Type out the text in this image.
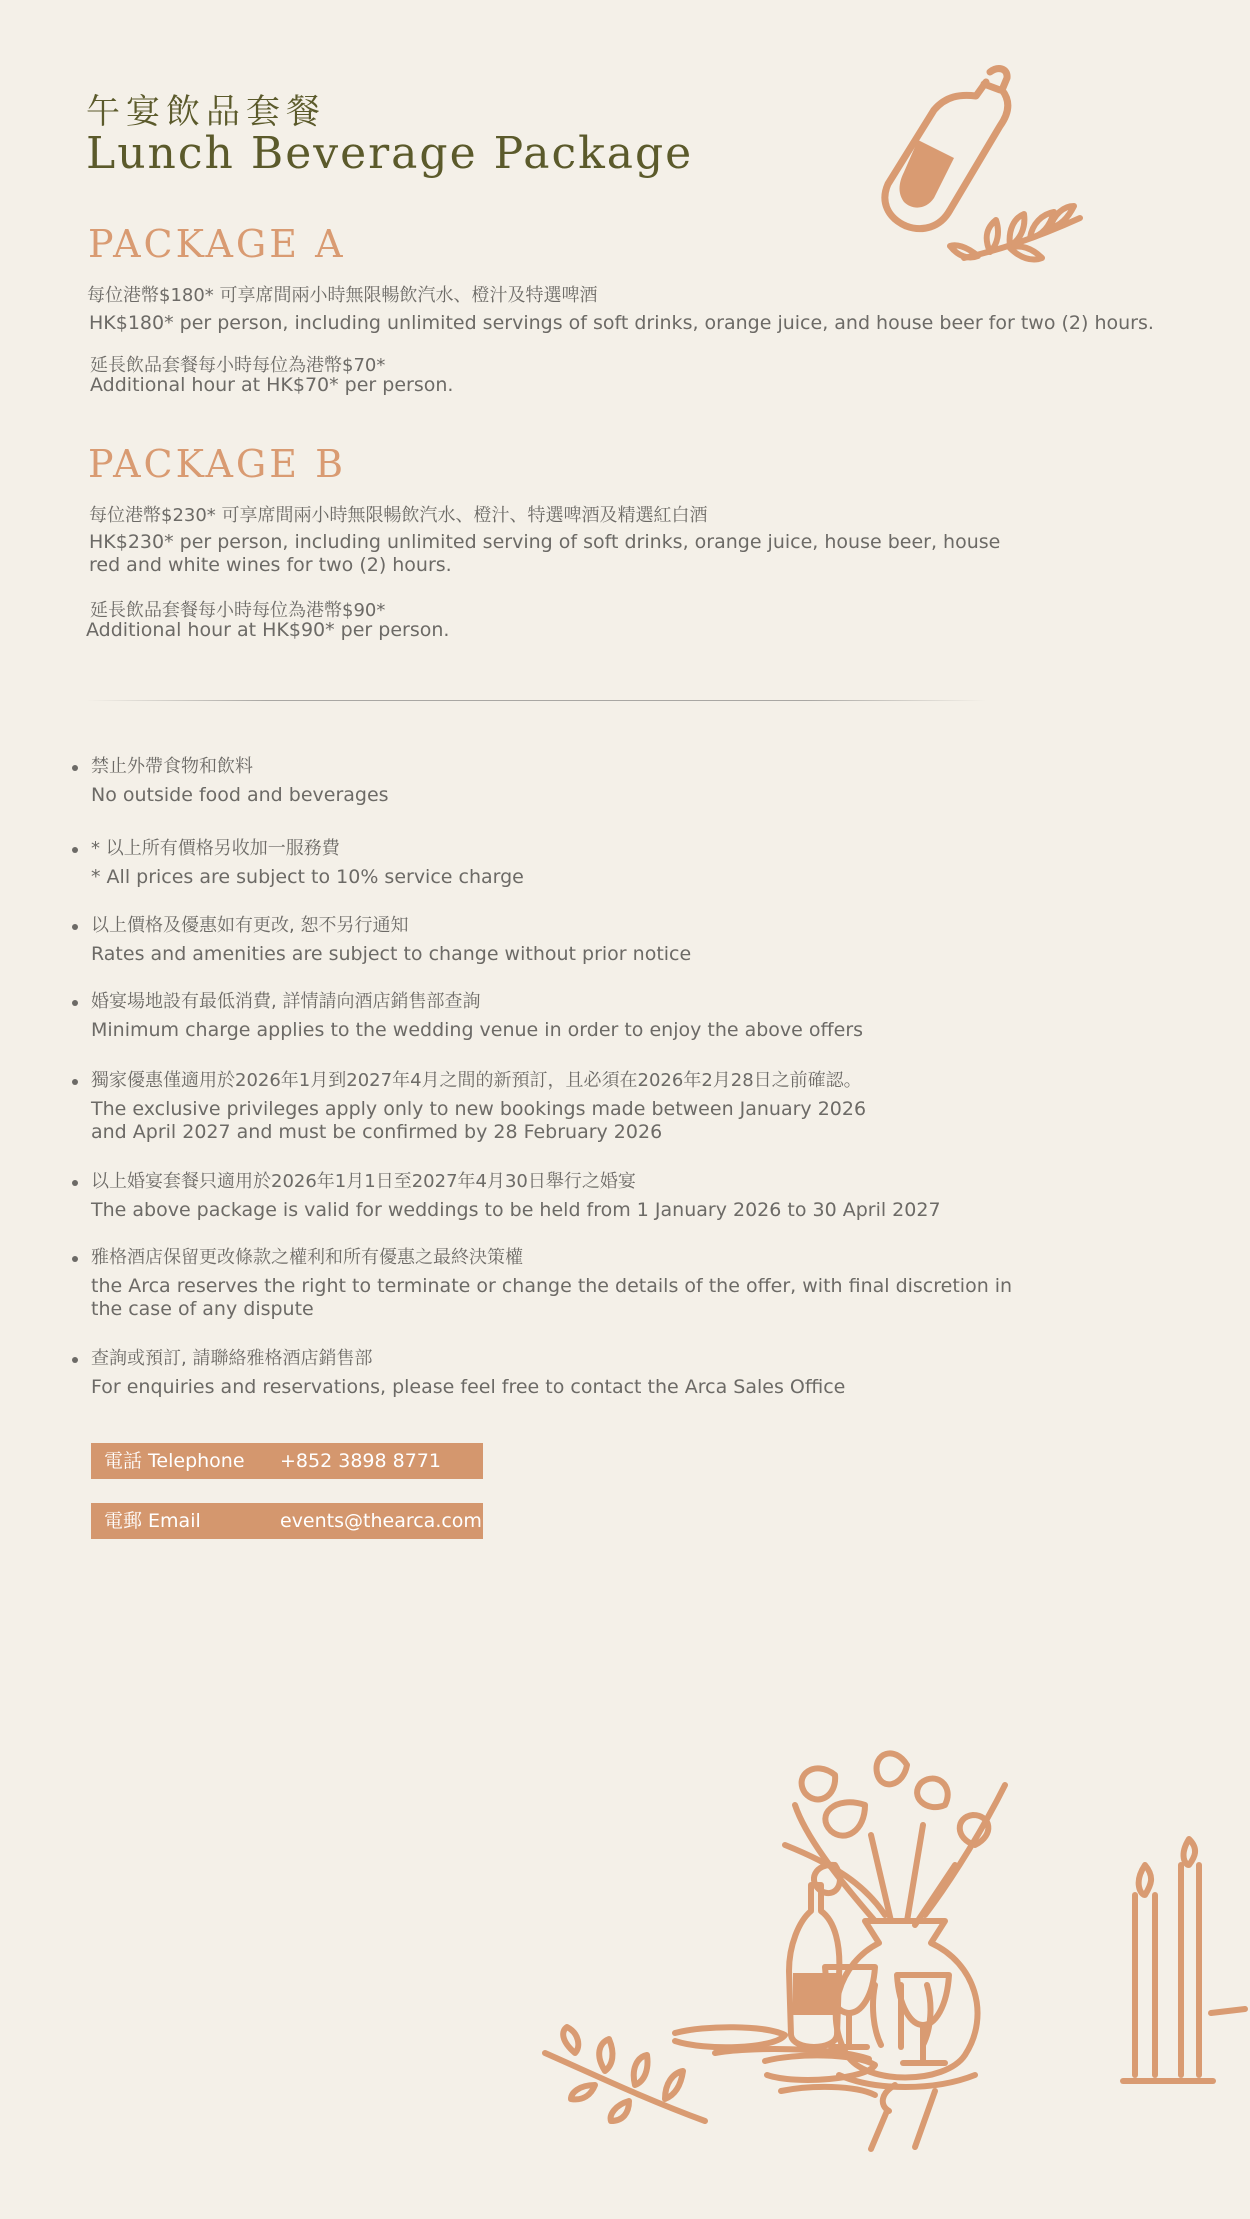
午宴飲品套餐
Lunch Beverage Package
PACKAGE A
每位港幣$180* 可享席間兩小時無限暢飲汽水、橙汁及特選啤酒
HK$180* per person, including unlimited servings of soft drinks, orange juice, and house beer for two (2) hours.
延長飲品套餐每小時每位為港幣$70*
Additional hour at HK$70* per person.
PACKAGE B
每位港幣$230* 可享席間兩小時無限暢飲汽水、橙汁、特選啤酒及精選紅白酒
HK$230* per person, including unlimited serving of soft drinks, orange juice, house beer, house red and white wines for two (2) hours.
延長飲品套餐每小時每位為港幣$90*
Additional hour at HK$90* per person.
禁止外帶食物和飲料
No outside food and beverages
* 以上所有價格另收加一服務費
* All prices are subject to 10% service charge
以上價格及優惠如有更改, 恕不另行通知
Rates and amenities are subject to change without prior notice
婚宴場地設有最低消費, 詳情請向酒店銷售部查詢
Minimum charge applies to the wedding venue in order to enjoy the above offers
獨家優惠僅適用於2026年1月到2027年4月之間的新預訂，且必須在2026年2月28日之前確認。
The exclusive privileges apply only to new bookings made between January 2026 and April 2027 and must be confirmed by 28 February 2026
以上婚宴套餐只適用於2026年1月1日至2027年4月30日舉行之婚宴
The above package is valid for weddings to be held from 1 January 2026 to 30 April 2027
雅格酒店保留更改條款之權利和所有優惠之最終決策權
the Arca reserves the right to terminate or change the details of the offer, with final discretion in the case of any dispute
查詢或預訂, 請聯絡雅格酒店銷售部
For enquiries and reservations, please feel free to contact the Arca Sales Office
電話 Telephone +852 3898 8771
電郵 Email	events@thearca.com
